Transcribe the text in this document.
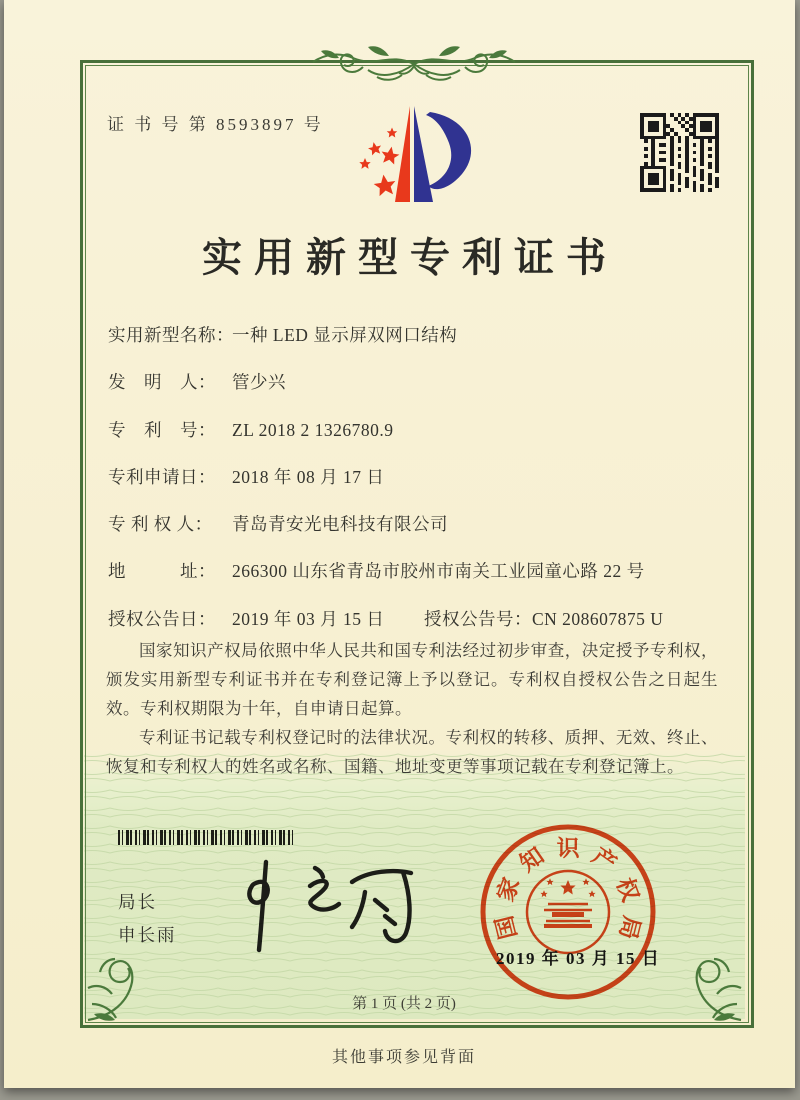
证 书 号 第 8593897 号
实用新型专利证书
实用新型名称：一种 LED 显示屏双网口结构
发　明　人： 管少兴
专　利　号： ZL 2018 2 1326780.9
专利申请日： 2018 年 08 月 17 日
专 利 权 人： 青岛青安光电科技有限公司
地　　　址： 266300 山东省青岛市胶州市南关工业园童心路 22 号
授权公告日： 2019 年 03 月 15 日 授权公告号：CN 208607875 U

国家知识产权局依照中华人民共和国专利法经过初步审查，决定授予专利权，颁发实用新型专利证书并在专利登记簿上予以登记。专利权自授权公告之日起生效。专利权期限为十年，自申请日起算。

专利证书记载专利权登记时的法律状况。专利权的转移、质押、无效、终止、恢复和专利权人的姓名或名称、国籍、地址变更等事项记载在专利登记簿上。

局长
申长雨	国
家
知 识 产
权
局
2019 年 03 月 15 日
第 1 页 (共 2 页)
其他事项参见背面
